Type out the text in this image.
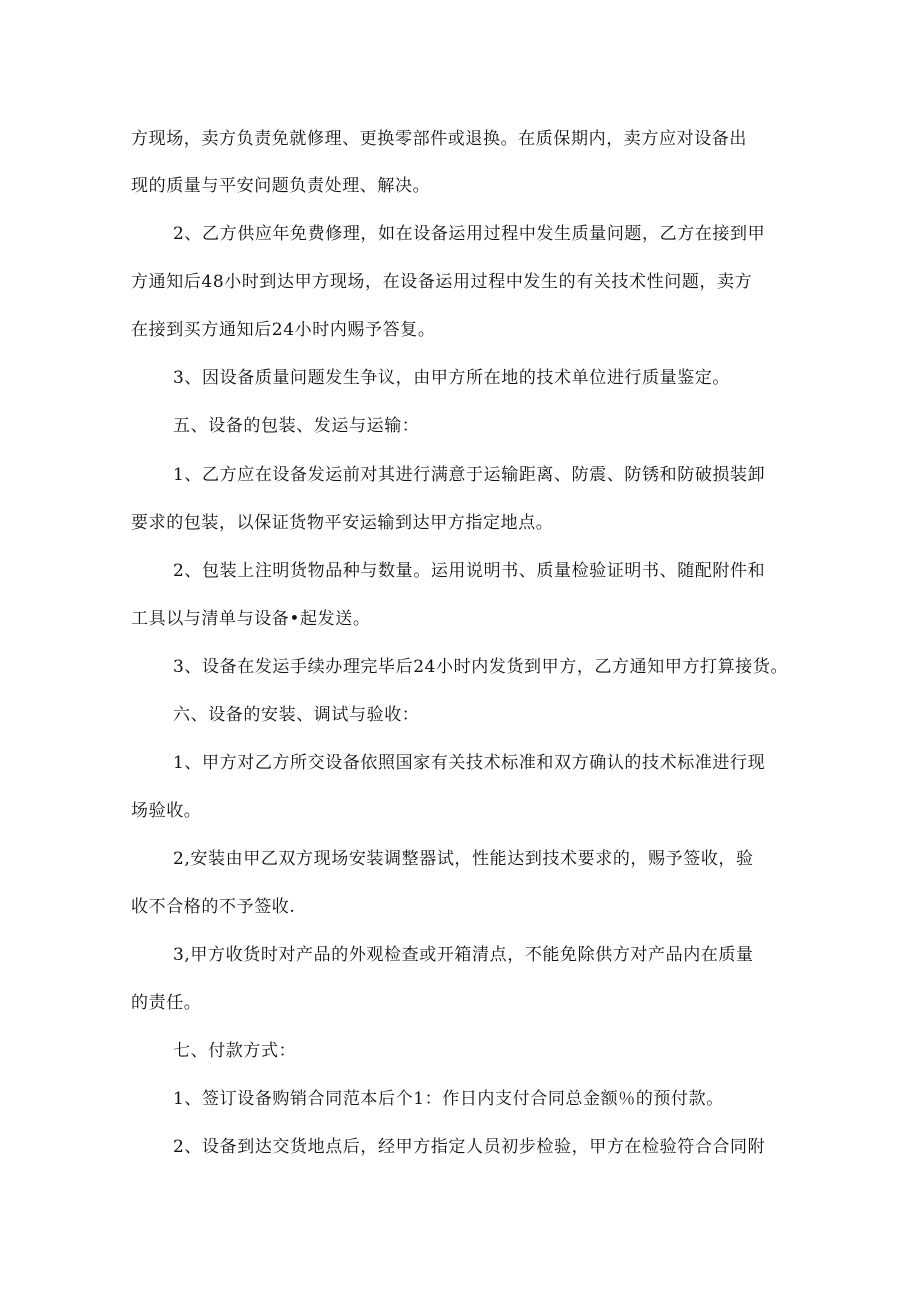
方现场，卖方负责免就修理、更换零部件或退换。在质保期内，卖方应对设备出

现的质量与平安问题负责处理、解决。

2、乙方供应年免费修理，如在设备运用过程中发生质量问题，乙方在接到甲

方通知后48小时到达甲方现场，在设备运用过程中发生的有关技术性问题，卖方

在接到买方通知后24小时内赐予答复。

3、因设备质量问题发生争议，由甲方所在地的技术单位进行质量鉴定。

五、设备的包装、发运与运输：

1、乙方应在设备发运前对其进行满意于运输距离、防震、防锈和防破损装卸

要求的包装，以保证货物平安运输到达甲方指定地点。

2、包装上注明货物品种与数量。运用说明书、质量检验证明书、随配附件和

工具以与清单与设备•起发送。

3、设备在发运手续办理完毕后24小时内发货到甲方，乙方通知甲方打算接货。

六、设备的安装、调试与验收：

1、甲方对乙方所交设备依照国家有关技术标准和双方确认的技术标准进行现

场验收。

2,安装由甲乙双方现场安装调整器试，性能达到技术要求的，赐予签收，验

收不合格的不予签收.

3,甲方收货时对产品的外观检查或开箱清点，不能免除供方对产品内在质量

的责任。

七、付款方式：

1、签订设备购销合同范本后个1：作日内支付合同总金额％的预付款。

2、设备到达交货地点后，经甲方指定人员初步检验，甲方在检验符合合同附
